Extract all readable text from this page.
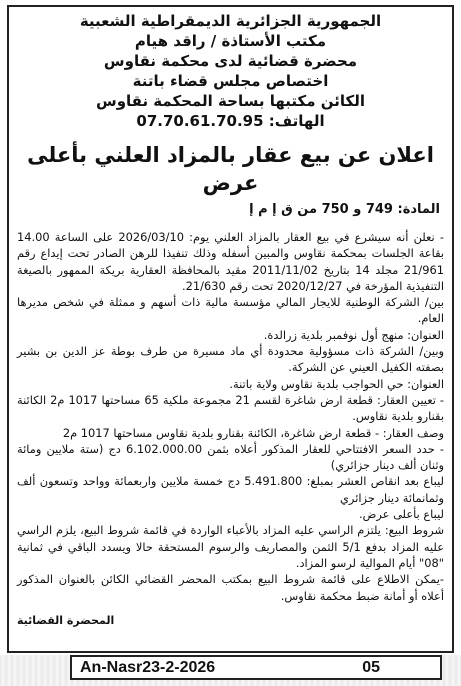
الجمهورية الجزائرية الديمقراطية الشعبية

مكتب الأستاذة / راقد هيام

محضرة قضائية لدى محكمة نقاوس

اختصاص مجلس قضاء باتنة

الكائن مكتبها بساحة المحكمة نقاوس

الهاتف: 07.70.61.70.95

اعلان عن بيع عقار بالمزاد العلني بأعلى عرض
المادة: 749 و 750 من ق إ م إ

- نعلن أنه سيشرع في بيع العقار بالمزاد العلني يوم: 2026/03/10 على الساعة 14.00 بقاعة الجلسات بمحكمة نقاوس والمبين أسفله وذلك تنفيذا للرهن الصادر تحت إيداع رقم 21/961 مجلد 14 بتاريخ 2011/11/02 مقيد بالمحافظة العقارية بريكة الممهور بالصيغة التنفيذية المؤرخة في 2020/12/27 تحت رقم 21/630.

بين/ الشركة الوطنية للايجار المالي مؤسسة مالية ذات أسهم و ممثلة في شخص مديرها العام.

العنوان: منهج أول نوفمبر بلدية زرالدة.

وبين/ الشركة ذات مسؤولية محدودة أي ماد مسيرة من طرف بوطة عز الدين بن بشير بصفته الكفيل العيني عن الشركة.

العنوان: حي الحواجب بلدية نقاوس ولاية باتنة.

- تعيين العقار: قطعة ارض شاغرة لقسم 21 مجموعة ملكية 65 مساحتها 1017 م2 الكائنة بقنارو بلدية نقاوس.

وصف العقار: - قطعة ارض شاغرة، الكائنة بقنارو بلدية نقاوس مساحتها 1017 م2

- حدد السعر الافتتاحي للعقار المذكور أعلاه بثمن 6.102.000.00 دج (ستة ملايين ومائة وثنان ألف دينار جزائري)

ليباع بعد انقاص العشر بمبلغ: 5.491.800 دج خمسة ملايين واربعمائة وواحد وتسعون ألف وثمانمائة دينار جزائري

ليباع بأعلى عرض.

شروط البيع: يلتزم الراسي عليه المزاد بالأعباء الواردة في قائمة شروط البيع، يلزم الراسي عليه المزاد بدفع 5/1 الثمن والمصاريف والرسوم المستحقة حالا ويسدد الباقي في ثمانية "08" أيام الموالية لرسو المزاد.

-يمكن الاطلاع على قائمة شروط البيع بمكتب المحضر القضائي الكائن بالعنوان المذكور أعلاه أو أمانة ضبط محكمة نقاوس.

المحضرة القضائية
An-Nasr23-2-2026	05
